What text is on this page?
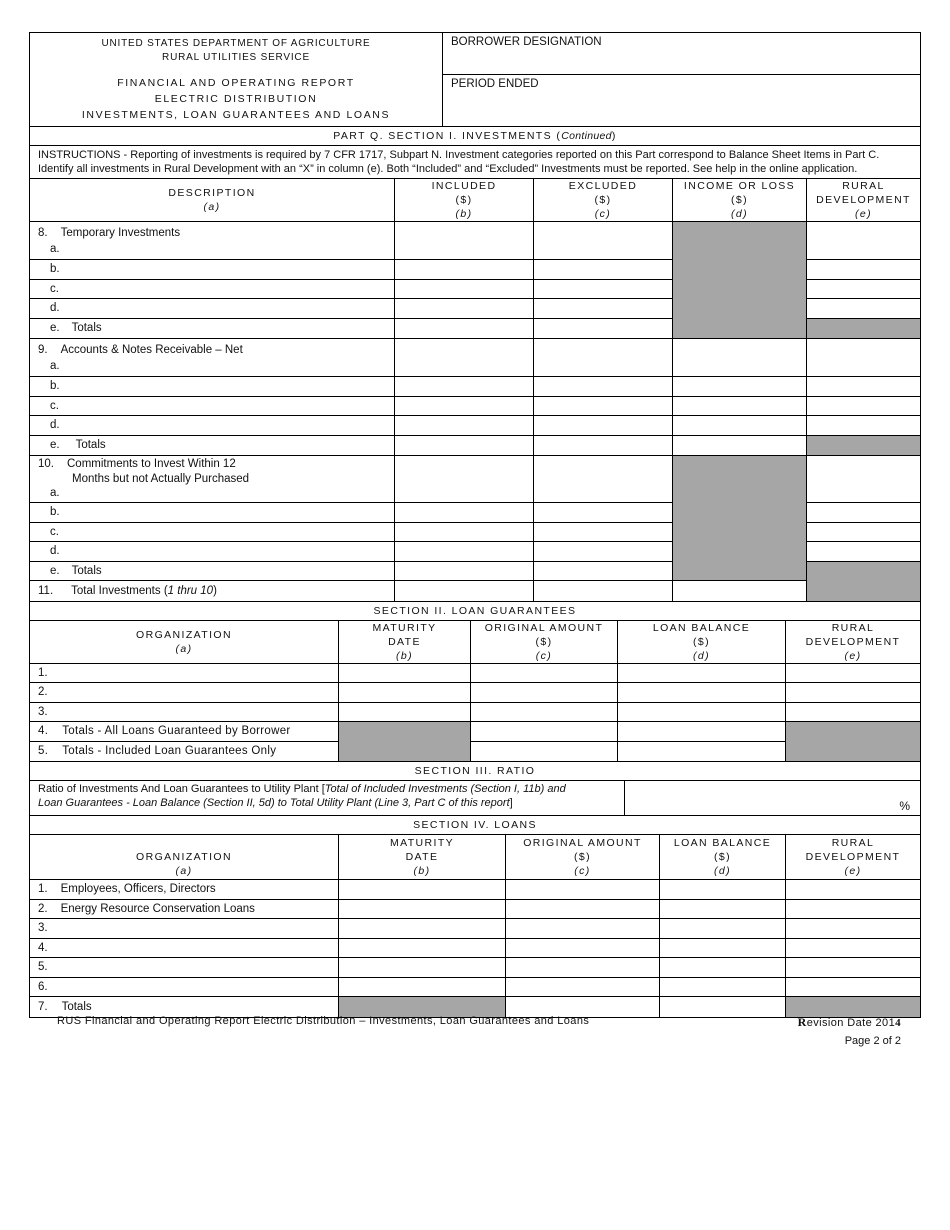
UNITED STATES DEPARTMENT OF AGRICULTURE
RURAL UTILITIES SERVICE
FINANCIAL AND OPERATING REPORT
ELECTRIC DISTRIBUTION
INVESTMENTS, LOAN GUARANTEES AND LOANS
BORROWER DESIGNATION
PERIOD ENDED
PART Q. SECTION I. INVESTMENTS ( Continued )
INSTRUCTIONS - Reporting of investments is required by 7 CFR 1717, Subpart N. Investment categories reported on this Part correspond to Balance Sheet Items in Part C. Identify all investments in Rural Development with an “X” in column (e). Both “Included” and “Excluded” Investments must be reported. See help in the online application.
DESCRIPTION
(a)
INCLUDED
($)
(b)
EXCLUDED
($)
(c)
INCOME OR LOSS
($)
(d)
RURAL
DEVELOPMENT
(e)
8. Temporary Investments
a.
b.
c.
d.
e. Totals
9. Accounts & Notes Receivable – Net
a.
b.
c.
d.
e. Totals
10. Commitments to Invest Within 12
Months but not Actually Purchased
a.
b.
c.
d.
e. Totals
11. Total Investments ( 1 thru 10 )
SECTION II. LOAN GUARANTEES
ORGANIZATION
(a)
MATURITY
DATE
(b)
ORIGINAL AMOUNT
($)
(c)
LOAN BALANCE
($)
(d)
RURAL
DEVELOPMENT
(e)
1.
2.
3.
4. Totals - All Loans Guaranteed by Borrower
5. Totals - Included Loan Guarantees Only
SECTION III. RATIO
Ratio of Investments And Loan Guarantees to Utility Plant [Total of Included Investments (Section I, 11b) and
Loan Guarantees - Loan Balance (Section II, 5d) to Total Utility Plant (Line 3, Part C of this report]	%
SECTION IV. LOANS
ORGANIZATION
(a)
MATURITY
DATE
(b)
ORIGINAL AMOUNT
($)
(c)
LOAN BALANCE
($)
(d)
RURAL
DEVELOPMENT
(e)
1. Employees, Officers, Directors
2. Energy Resource Conservation Loans
3.
4.
5.
6.
7. Totals
RUS Financial and Operating Report Electric Distribution – Investments, Loan Guarantees and Loans	Revision Date 2014
Page 2 of 2
